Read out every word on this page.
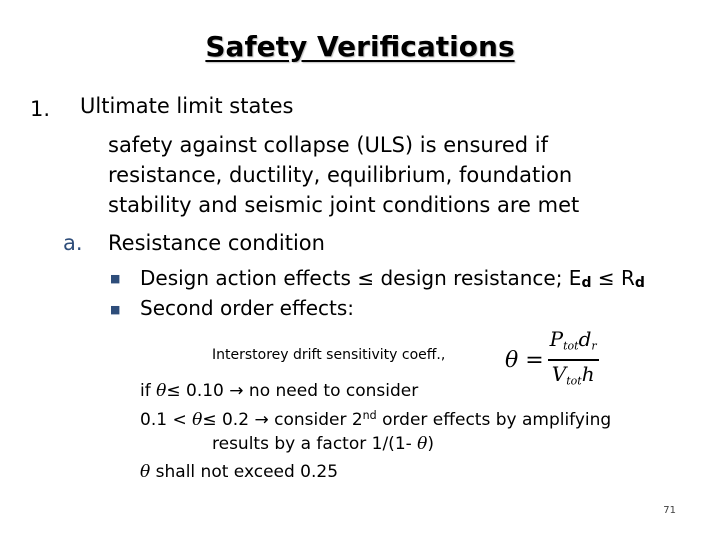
Safety Verifications
1. Ultimate limit states
safety against collapse (ULS) is ensured if
resistance, ductility, equilibrium, foundation
stability and seismic joint conditions are met
a. Resistance condition
■ Design action effects ≤ design resistance; Ed ≤ Rd
■ Second order effects:
Interstorey drift sensitivity coeff.,	$\theta = \frac{\text{Ptotdr}}{\text{Vtoth}}$
if θ≤ 0.10 → no need to consider
0.1 < θ≤ 0.2 → consider 2nd order effects by amplifying
results by a factor 1/(1- θ)
θ shall not exceed 0.25
71
